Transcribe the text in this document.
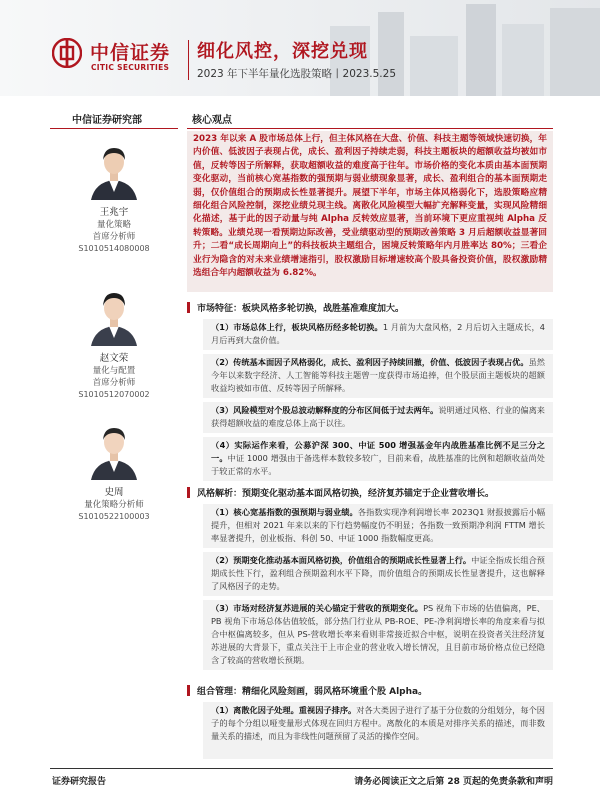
中信证券
CITIC SECURITIES
细化风控，深挖兑现
2023 年下半年量化选股策略丨2023.5.25
中信证券研究部	核心观点
王兆宇
量化策略
首席分析师
S1010514080008
赵文荣
量化与配置
首席分析师
S1010512070002
史周
量化策略分析师
S1010522100003
2023 年以来 A 股市场总体上行，但主体风格在大盘、价值、科技主题等领域快速切换，年内价值、低波因子表现占优，成长、盈利因子持续走弱，科技主题板块的超额收益均被如市值，反转等因子所解释，获取超额收益的难度高于往年。市场价格的变化本质由基本面预期变化驱动，当前核心宽基指数的强预期与弱业绩现象显著，成长、盈利组合的基本面预期走弱，仅价值组合的预期成长性显著提升。展望下半年，市场主体风格弱化下，选股策略应精细化组合风险控制，深挖业绩兑现主线。离散化风险模型大幅扩充解释变量，实现风险精细化描述，基于此的因子动量与纯 Alpha 反转效应显著，当前环境下更应重视纯 Alpha 反转策略。业绩兑现一看预期边际改善，受业绩驱动型的预期改善策略 3 月后超额收益显著回升；二看“成长周期向上”的科技板块主题组合，困境反转策略年内月胜率达 80%；三看企业行为隐含的对未来业绩增速指引，股权激励目标增速较高个股具备投资价值，股权激励精选组合年内超额收益为 6.82%。
市场特征：板块风格多轮切换，战胜基准难度加大。
（1）市场总体上行，板块风格历经多轮切换。1 月前为大盘风格，2 月后切入主题成长，4 月后再到大盘价值。
（2）传统基本面因子风格弱化，成长、盈利因子持续回撤，价值、低波因子表现占优。虽然今年以来数字经济、人工智能等科技主题曾一度获得市场追捧，但个股层面主题板块的超额收益均被如市值、反转等因子所解释。
（3）风险模型对个股总波动解释度的分布区间低于过去两年。说明通过风格、行业的偏离来获得超额收益的难度总体上高于以往。
（4）实际运作来看，公募沪深 300、中证 500 增强基金年内战胜基准比例不足三分之一。中证 1000 增强由于备选样本数较多较广，目前来看，战胜基准的比例和超额收益尚处于较正常的水平。
风格解析：预期变化驱动基本面风格切换，经济复苏锚定于企业营收增长。
（1）核心宽基指数的强预期与弱业绩。各指数实现净利润增长率 2023Q1 财报披露后小幅提升，但相对 2021 年来以来的下行趋势幅度仍不明显；各指数一致预期净利润 FTTM 增长率显著提升，创业板指、科创 50、中证 1000 指数幅度更高。
（2）预期变化推动基本面风格切换，价值组合的预期成长性显著上行。中证全指成长组合预期成长性下行，盈利组合预期盈利水平下降，而价值组合的预期成长性显著提升，这也解释了风格因子的走势。
（3）市场对经济复苏进展的关心锚定于营收的预期变化。PS 视角下市场的估值偏离，PE、PB 视角下市场总体估值较低，部分热门行业从 PB-ROE、PE-净利润增长率的角度来看与拟合中枢偏离较多，但从 PS-营收增长率来看则非常接近拟合中枢，说明在投资者关注经济复苏进展的大背景下，重点关注于上市企业的营业收入增长情况，且目前市场价格点位已经隐含了较高的营收增长预期。
组合管理：精细化风险刻画，弱风格环境重个股 Alpha。
（1）离散化因子处理。重视因子排序。对各大类因子进行了基于分位数的分组划分，每个因子的每个分组以哑变量形式体现在回归方程中。离散化的本质是对排序关系的描述，而非数量关系的描述，而且为非线性问题预留了灵活的操作空间。
证券研究报告	请务必阅读正文之后第 28 页起的免责条款和声明
